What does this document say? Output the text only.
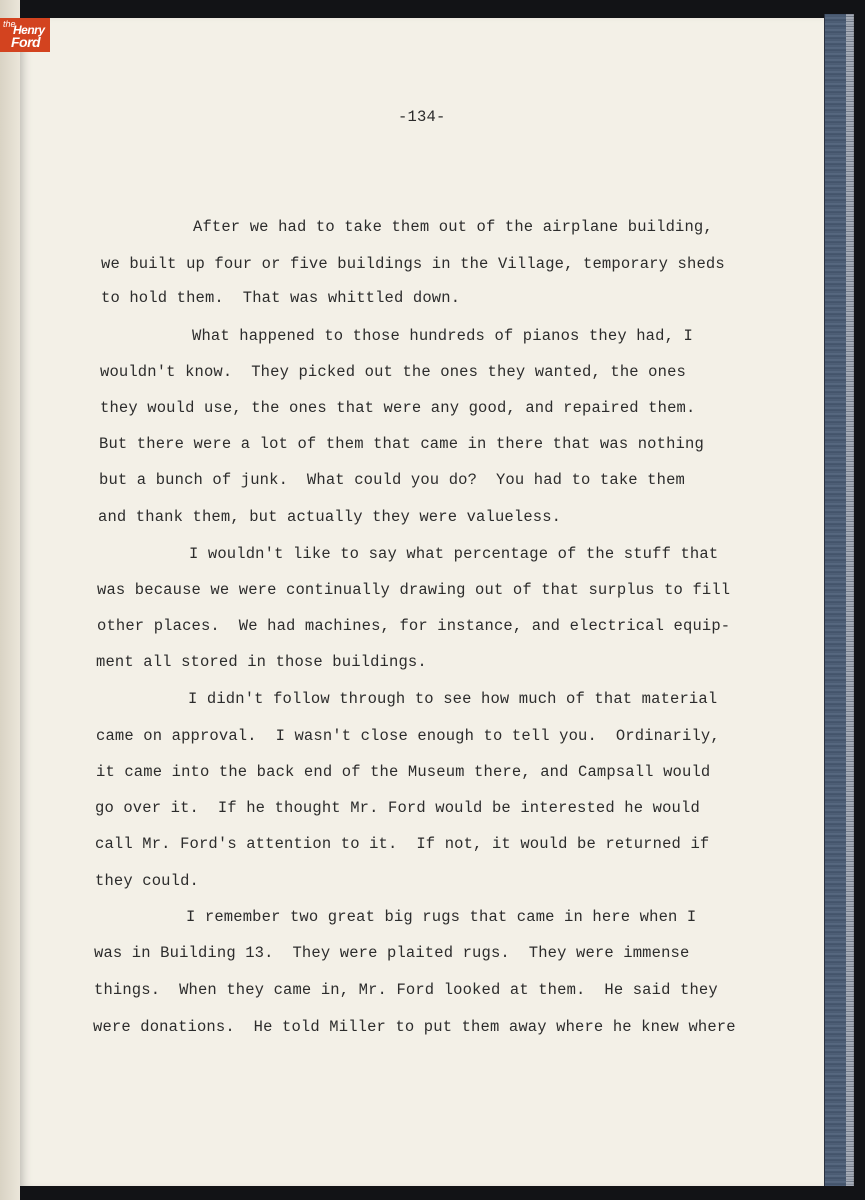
the
Henry
Ford
-134-
After we had to take them out of the airplane building,
we built up four or five buildings in the Village, temporary sheds
to hold them.  That was whittled down.
What happened to those hundreds of pianos they had, I
wouldn't know.  They picked out the ones they wanted, the ones
they would use, the ones that were any good, and repaired them.
But there were a lot of them that came in there that was nothing
but a bunch of junk.  What could you do?  You had to take them
and thank them, but actually they were valueless.
I wouldn't like to say what percentage of the stuff that
was because we were continually drawing out of that surplus to fill
other places.  We had machines, for instance, and electrical equip-
ment all stored in those buildings.
I didn't follow through to see how much of that material
came on approval.  I wasn't close enough to tell you.  Ordinarily,
it came into the back end of the Museum there, and Campsall would
go over it.  If he thought Mr. Ford would be interested he would
call Mr. Ford's attention to it.  If not, it would be returned if
they could.
I remember two great big rugs that came in here when I
was in Building 13.  They were plaited rugs.  They were immense
things.  When they came in, Mr. Ford looked at them.  He said they
were donations.  He told Miller to put them away where he knew where
